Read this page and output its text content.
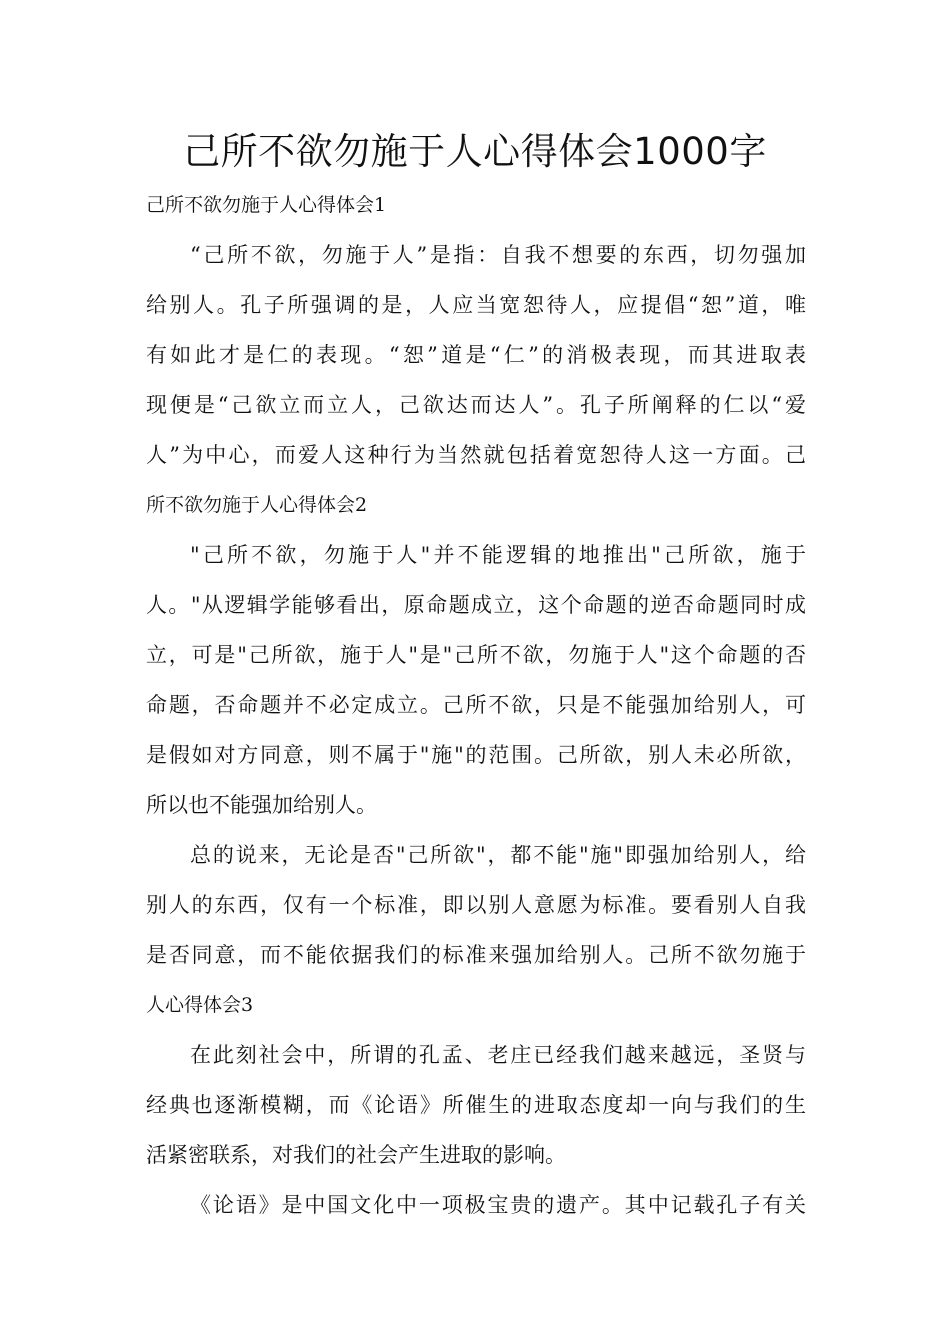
己所不欲勿施于人心得体会1000字
己所不欲勿施于人心得体会1
“己所不欲，勿施于人”是指：自我不想要的东西，切勿强加
给别人。孔子所强调的是，人应当宽恕待人，应提倡“恕”道，唯
有如此才是仁的表现。“恕”道是“仁”的消极表现，而其进取表
现便是“己欲立而立人，己欲达而达人”。孔子所阐释的仁以“爱
人”为中心，而爱人这种行为当然就包括着宽恕待人这一方面。己
所不欲勿施于人心得体会2
"己所不欲，勿施于人"并不能逻辑的地推出"己所欲，施于
人。"从逻辑学能够看出，原命题成立，这个命题的逆否命题同时成
立，可是"己所欲，施于人"是"己所不欲，勿施于人"这个命题的否
命题，否命题并不必定成立。己所不欲，只是不能强加给别人，可
是假如对方同意，则不属于"施"的范围。己所欲，别人未必所欲，
所以也不能强加给别人。
总的说来，无论是否"己所欲"，都不能"施"即强加给别人，给
别人的东西，仅有一个标准，即以别人意愿为标准。要看别人自我
是否同意，而不能依据我们的标准来强加给别人。己所不欲勿施于
人心得体会3
在此刻社会中，所谓的孔孟、老庄已经我们越来越远，圣贤与
经典也逐渐模糊，而《论语》所催生的进取态度却一向与我们的生
活紧密联系，对我们的社会产生进取的影响。
《论语》是中国文化中一项极宝贵的遗产。其中记载孔子有关
